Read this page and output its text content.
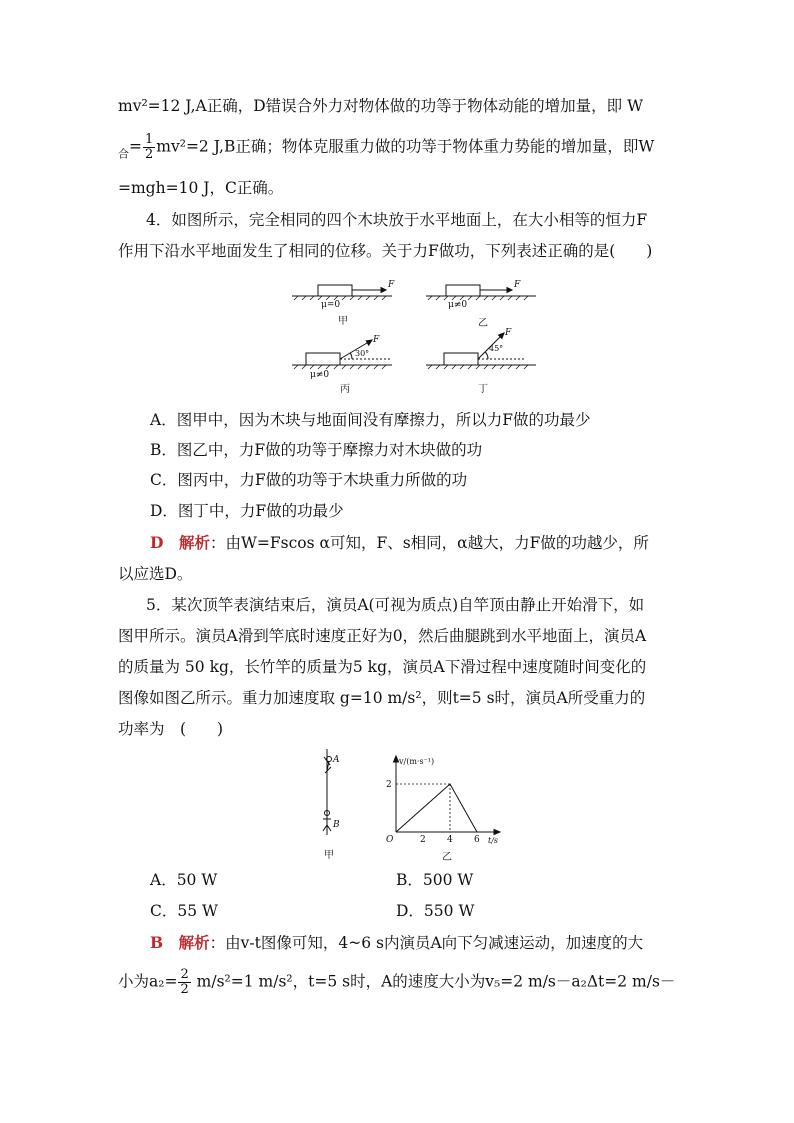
mv²=12 J,A正确，D错误合外力对物体做的功等于物体动能的增加量，即 W
$_合= \frac{1}{2} mv^2=2$ J,B正确；物体克服重力做的功等于物体重力势能的增加量，即W
=mgh=10 J，C正确。
4．如图所示，完全相同的四个木块放于水平地面上，在大小相等的恒力F
作用下沿水平地面发生了相同的位移。关于力F做功，下列表述正确的是(　　)
μ=0
F
甲
μ≠0
F
乙
μ≠0
F
30°
丙
F
45°
丁
A．图甲中，因为木块与地面间没有摩擦力，所以力F做的功最少
B．图乙中，力F做的功等于摩擦力对木块做的功
C．图丙中，力F做的功等于木块重力所做的功
D．图丁中，力F做的功最少
D　 解析：由W=Fscos α可知，F、s相同，α越大，力F做的功越少，所
以应选D。
5．某次顶竿表演结束后，演员A(可视为质点)自竿顶由静止开始滑下，如
图甲所示。演员A滑到竿底时速度正好为0，然后曲腿跳到水平地面上，演员A
的质量为 50 kg，长竹竿的质量为5 kg，演员A下滑过程中速度随时间变化的
图像如图乙所示。重力加速度取 g=10 m/s²，则t=5 s时，演员A所受重力的
功率为　(　　)
A
B
甲
v/(m·s⁻¹)
2
O	t/s
2 4 6
乙
A．50 W	B．500 W
C．55 W	D．550 W
B　 解析：由v-t图像可知，4~6 s内演员A向下匀减速运动，加速度的大
小为$a_2= \frac{2}{2} m/s^2=1$ m/s²，t=5 s时，A的速度大小为v₅=2 m/s－a₂Δt=2 m/s－
